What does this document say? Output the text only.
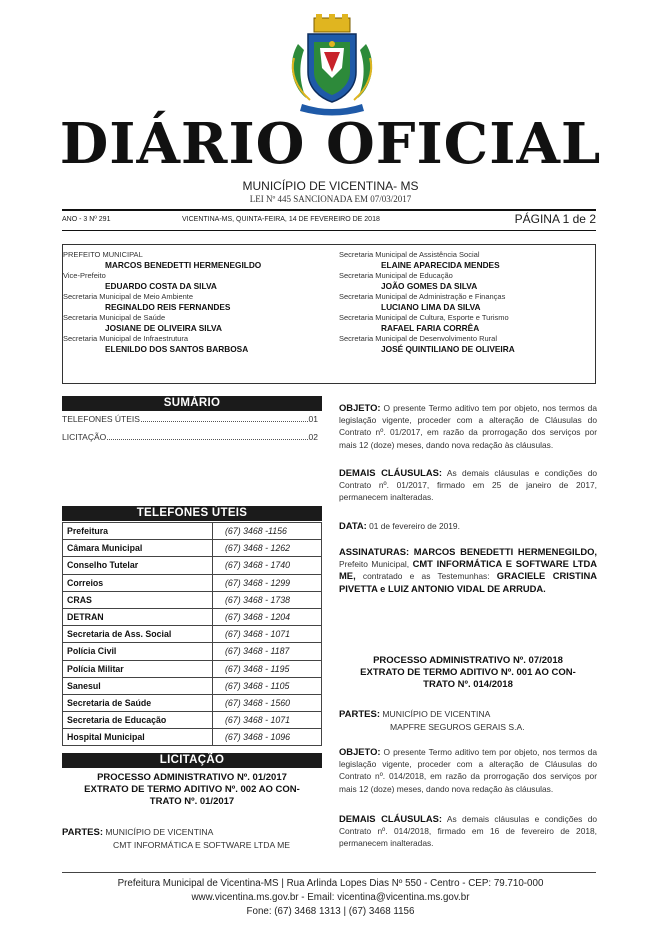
DIÁRIO OFICIAL
MUNICÍPIO DE VICENTINA- MS
LEI Nº 445 SANCIONADA EM 07/03/2017
ANO - 3 Nº 291	VICENTINA-MS, QUINTA-FEIRA, 14 DE FEVEREIRO DE 2018	PÁGINA 1 de 2
PREFEITO MUNICIPAL
MARCOS BENEDETTI HERMENEGILDO
Vice-Prefeito
EDUARDO COSTA DA SILVA
Secretaria Municipal de Meio Ambiente
REGINALDO REIS FERNANDES
Secretaria Municipal de Saúde
JOSIANE DE OLIVEIRA SILVA
Secretaria Municipal de Infraestrutura
ELENILDO DOS SANTOS BARBOSA
Secretaria Municipal de Assistência Social
ELAINE APARECIDA MENDES
Secretaria Municipal de Educação
JOÃO GOMES DA SILVA
Secretaria Municipal de Administração e Finanças
LUCIANO LIMA DA SILVA
Secretaria Municipal de Cultura, Esporte e Turismo
RAFAEL FARIA CORRÊA
Secretaria Municipal de Desenvolvimento Rural
JOSÉ QUINTILIANO DE OLIVEIRA
SUMÁRIO
TELEFONES ÚTEIS	01
LICITAÇÃO	02
TELEFONES ÚTEIS
Prefeitura	(67) 3468 -1156
Câmara Municipal	(67) 3468 - 1262
Conselho Tutelar	(67) 3468 - 1740
Correios	(67) 3468 - 1299
CRAS	(67) 3468 - 1738
DETRAN	(67) 3468 - 1204
Secretaria de Ass. Social	(67) 3468 - 1071
Polícia Civil	(67) 3468 - 1187
Polícia Militar	(67) 3468 - 1195
Sanesul	(67) 3468 - 1105
Secretaria de Saúde	(67) 3468 - 1560
Secretaria de Educação	(67) 3468 - 1071
Hospital Municipal	(67) 3468 - 1096
LICITAÇÃO
PROCESSO ADMINISTRATIVO Nº. 01/2017
EXTRATO DE TERMO ADITIVO Nº. 002 AO CON-
TRATO Nº. 01/2017
PARTES: MUNICÍPIO DE VICENTINA
CMT INFORMÁTICA E SOFTWARE LTDA ME
OBJETO: O presente Termo aditivo tem por objeto, nos termos da legislação vigente, proceder com a alteração de Cláusulas do Contrato nº. 01/2017, em razão da prorrogação dos serviços por mais 12 (doze) meses, dando nova redação às cláusulas.
DEMAIS CLÁUSULAS: As demais cláusulas e condições do Contrato nº. 01/2017, firmado em 25 de janeiro de 2017, permanecem inalteradas.
DATA: 01 de fevereiro de 2019.
ASSINATURAS: MARCOS BENEDETTI HERMENEGILDO, Prefeito Municipal, CMT INFORMÁTICA E SOFTWARE LTDA ME, contratado e as Testemunhas: GRACIELE CRISTINA PIVETTA e LUIZ ANTONIO VIDAL DE ARRUDA.
PROCESSO ADMINISTRATIVO Nº. 07/2018
EXTRATO DE TERMO ADITIVO Nº. 001 AO CON-
TRATO Nº. 014/2018
PARTES: MUNICÍPIO DE VICENTINA
MAPFRE SEGUROS GERAIS S.A.
OBJETO: O presente Termo aditivo tem por objeto, nos termos da legislação vigente, proceder com a alteração de Cláusulas do Contrato nº. 014/2018, em razão da prorrogação dos serviços por mais 12 (doze) meses, dando nova redação às cláusulas.
DEMAIS CLÁUSULAS: As demais cláusulas e condições do Contrato nº. 014/2018, firmado em 16 de fevereiro de 2018, permanecem inalteradas.
Prefeitura Municipal de Vicentina-MS | Rua Arlinda Lopes Dias Nº 550 - Centro - CEP: 79.710-000
www.vicentina.ms.gov.br - Email: vicentina@vicentina.ms.gov.br
Fone: (67) 3468 1313 | (67) 3468 1156
